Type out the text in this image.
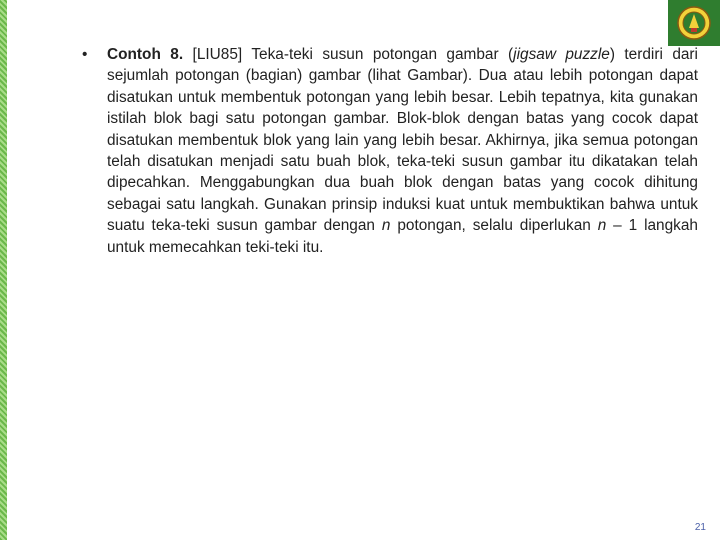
•	Contoh 8. [LIU85] Teka-teki susun potongan gambar (jigsaw puzzle) terdiri dari sejumlah potongan (bagian) gambar (lihat Gambar). Dua atau lebih potongan dapat disatukan untuk membentuk potongan yang lebih besar. Lebih tepatnya, kita gunakan istilah blok bagi satu potongan gambar. Blok-blok dengan batas yang cocok dapat disatukan membentuk blok yang lain yang lebih besar. Akhirnya, jika semua potongan telah disatukan menjadi satu buah blok, teka-teki susun gambar itu dikatakan telah dipecahkan. Menggabungkan dua buah blok dengan batas yang cocok dihitung sebagai satu langkah. Gunakan prinsip induksi kuat untuk membuktikan bahwa untuk suatu teka-teki susun gambar dengan n potongan, selalu diperlukan n – 1 langkah untuk memecahkan teki-teki itu.

21
